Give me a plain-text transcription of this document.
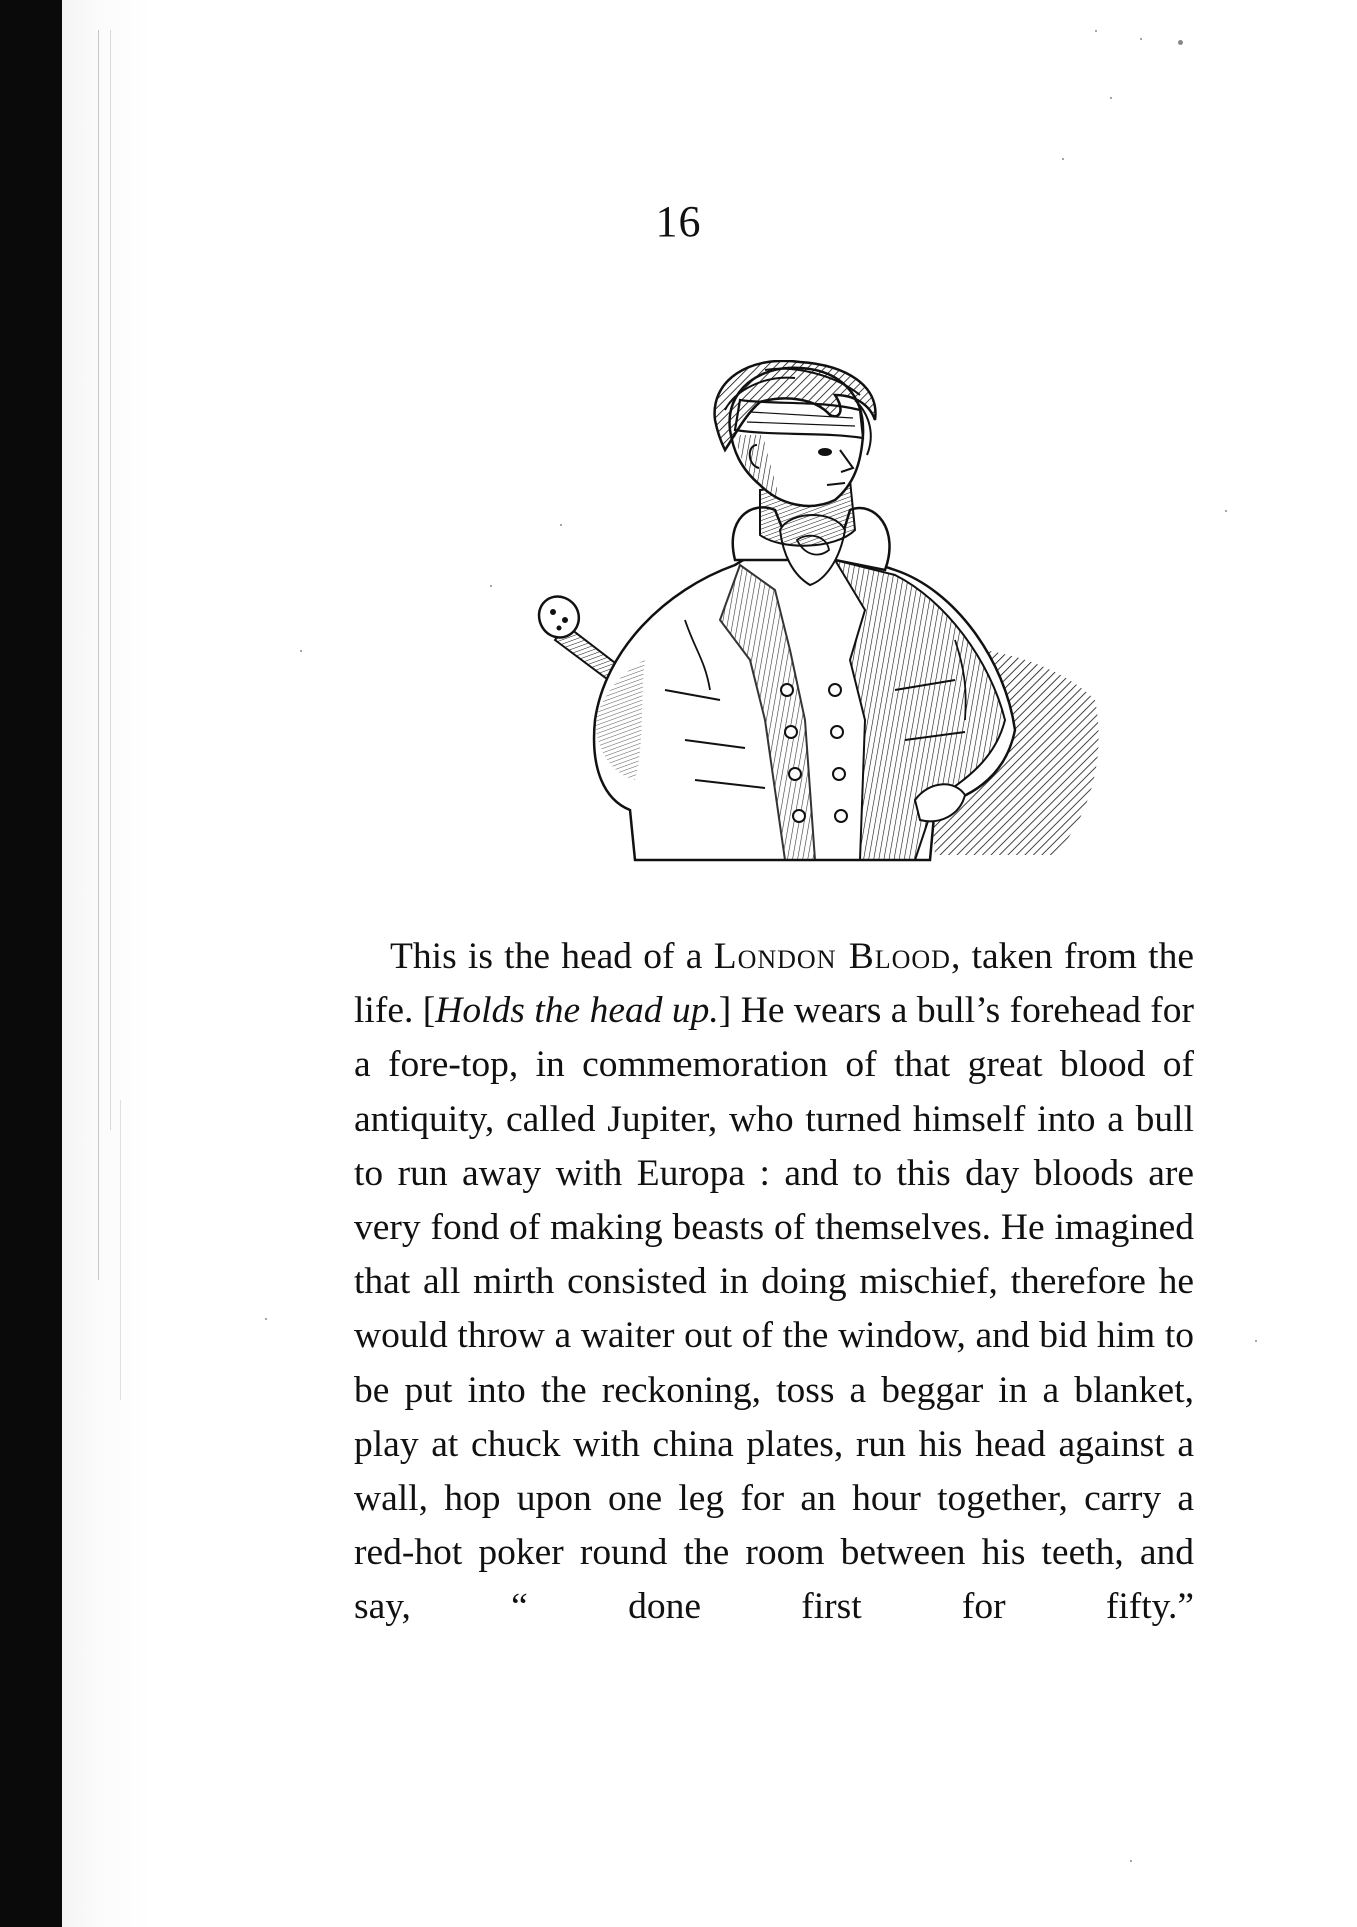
16

This is the head of a London Blood, taken from the life. [Holds the head up.] He wears a bull’s forehead for a fore-top, in commemoration of that great blood of antiquity, called Jupiter, who turned himself into a bull to run away with Europa : and to this day bloods are very fond of making beasts of themselves. He imagined that all mirth consisted in doing mischief, therefore he would throw a waiter out of the window, and bid him to be put into the reckoning, toss a beggar in a blanket, play at chuck with china plates, run his head against a wall, hop upon one leg for an hour together, carry a red-hot poker round the room between his teeth, and say, “ done first for fifty.”
